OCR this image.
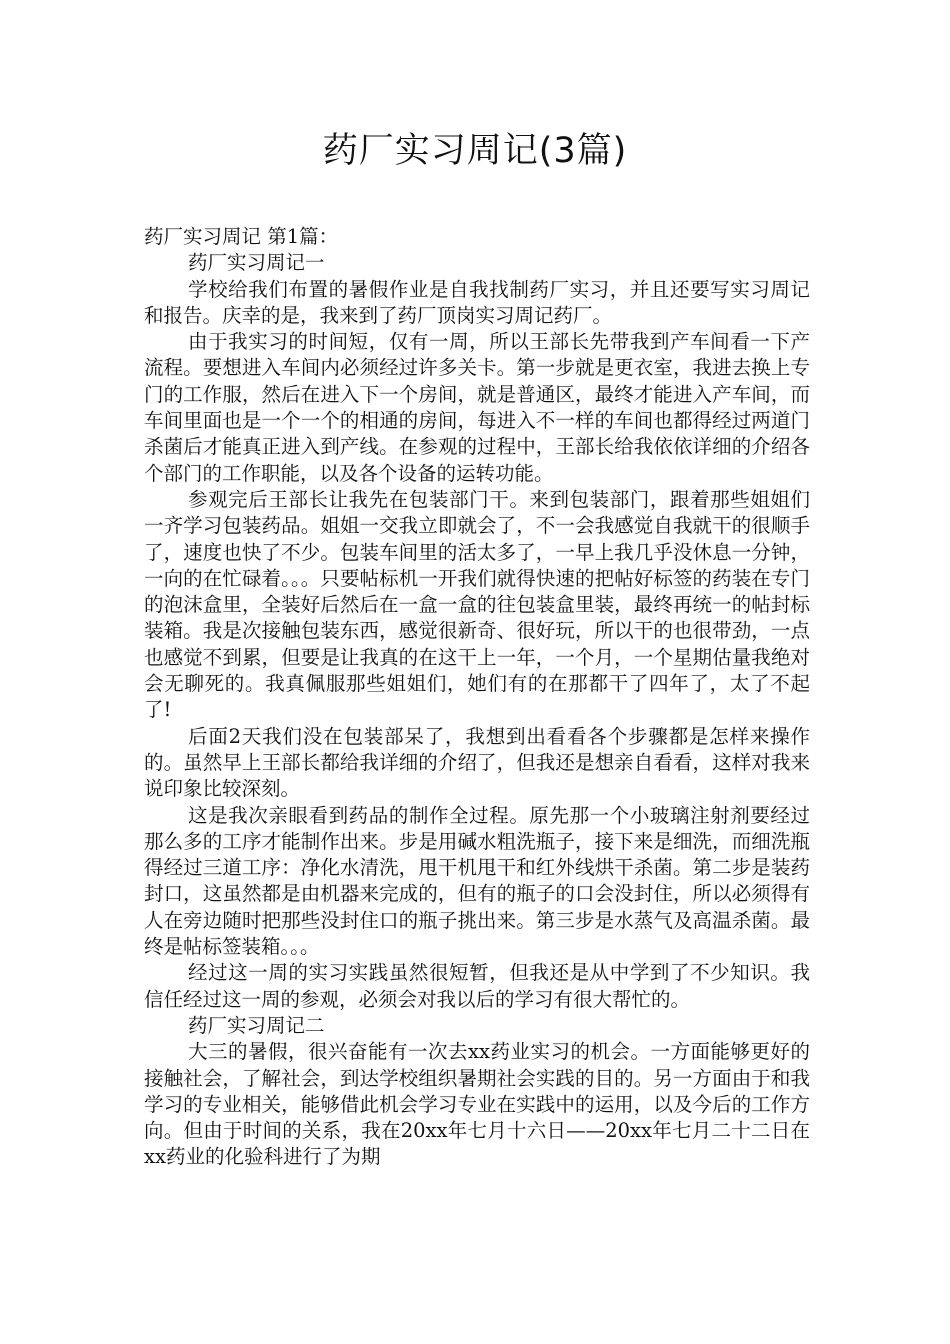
药厂实习周记(3篇)

药厂实习周记 第1篇：

药厂实习周记一

学校给我们布置的暑假作业是自我找制药厂实习，并且还要写实习周记和报告。庆幸的是，我来到了药厂顶岗实习周记药厂。

由于我实习的时间短，仅有一周，所以王部长先带我到产车间看一下产流程。要想进入车间内必须经过许多关卡。第一步就是更衣室，我进去换上专门的工作服，然后在进入下一个房间，就是普通区，最终才能进入产车间，而车间里面也是一个一个的相通的房间，每进入不一样的车间也都得经过两道门杀菌后才能真正进入到产线。在参观的过程中，王部长给我依依详细的介绍各个部门的工作职能，以及各个设备的运转功能。

参观完后王部长让我先在包装部门干。来到包装部门，跟着那些姐姐们一齐学习包装药品。姐姐一交我立即就会了，不一会我感觉自我就干的很顺手了，速度也快了不少。包装车间里的活太多了，一早上我几乎没休息一分钟，一向的在忙碌着。。。只要帖标机一开我们就得快速的把帖好标签的药装在专门的泡沫盒里，全装好后然后在一盒一盒的往包装盒里装，最终再统一的帖封标装箱。我是次接触包装东西，感觉很新奇、很好玩，所以干的也很带劲，一点也感觉不到累，但要是让我真的在这干上一年，一个月，一个星期估量我绝对会无聊死的。我真佩服那些姐姐们，她们有的在那都干了四年了，太了不起了!

后面2天我们没在包装部呆了，我想到出看看各个步骤都是怎样来操作的。虽然早上王部长都给我详细的介绍了，但我还是想亲自看看，这样对我来说印象比较深刻。

这是我次亲眼看到药品的制作全过程。原先那一个小玻璃注射剂要经过那么多的工序才能制作出来。步是用碱水粗洗瓶子，接下来是细洗，而细洗瓶得经过三道工序：净化水清洗，甩干机甩干和红外线烘干杀菌。第二步是装药封口，这虽然都是由机器来完成的，但有的瓶子的口会没封住，所以必须得有人在旁边随时把那些没封住口的瓶子挑出来。第三步是水蒸气及高温杀菌。最终是帖标签装箱。。。

经过这一周的实习实践虽然很短暂，但我还是从中学到了不少知识。我信任经过这一周的参观，必须会对我以后的学习有很大帮忙的。

药厂实习周记二

大三的暑假，很兴奋能有一次去xx药业实习的机会。一方面能够更好的接触社会，了解社会，到达学校组织暑期社会实践的目的。另一方面由于和我学习的专业相关，能够借此机会学习专业在实践中的运用，以及今后的工作方向。但由于时间的关系，我在20xx年七月十六日——20xx年七月二十二日在xx药业的化验科进行了为期
